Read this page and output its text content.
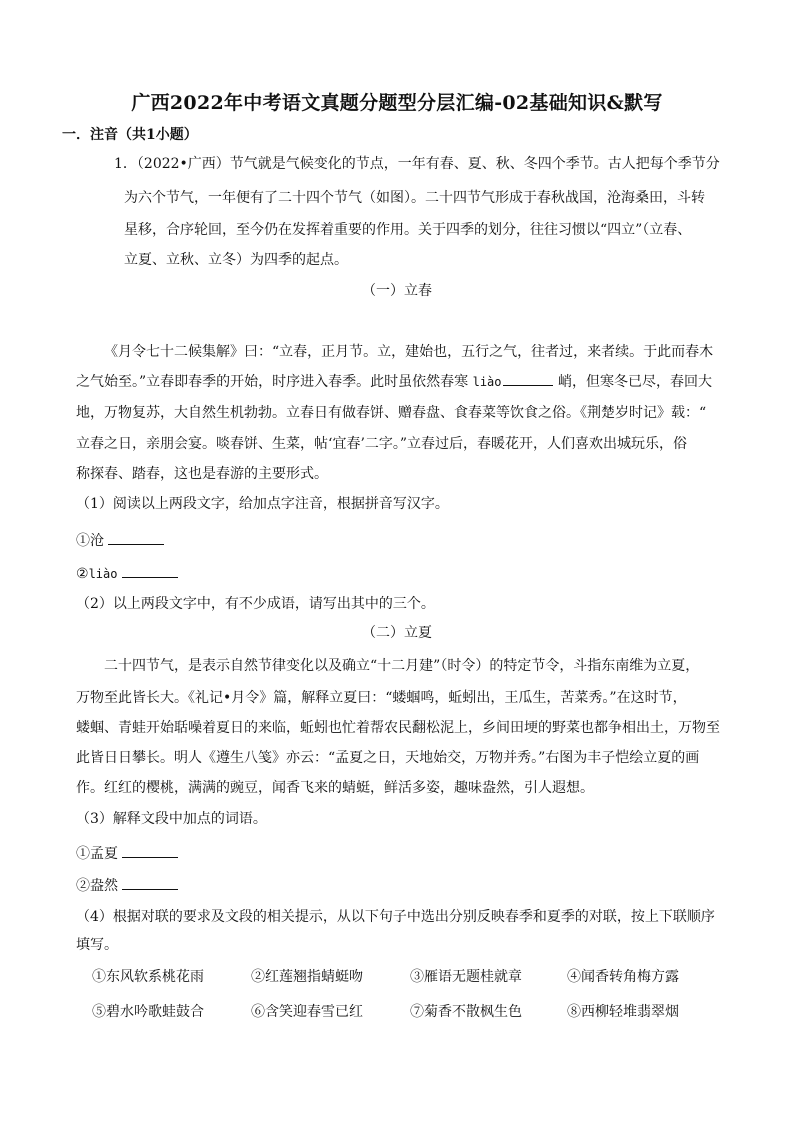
广西2022年中考语文真题分题型分层汇编-02基础知识&默写
一．注音（共1小题）
1．（2022•广西）节气就是气候变化的节点，一年有春、夏、秋、冬四个季节。古人把每个季节分
为六个节气，一年便有了二十四个节气（如图）。二十四节气形成于春秋战国，沧海桑田，斗转
星移，合序轮回，至今仍在发挥着重要的作用。关于四季的划分，往往习惯以“四立”（立春、
立夏、立秋、立冬）为四季的起点。
（一）立春
《月令七十二候集解》曰：“立春，正月节。立，建始也，五行之气，往者过，来者续。于此而春木
之气始至。”立春即春季的开始，时序进入春季。此时虽依然春寒 liào	峭，但寒冬已尽，春回大
地，万物复苏，大自然生机勃勃。立春日有做春饼、赠春盘、食春菜等饮食之俗。《荆楚岁时记》载：“
立春之日，亲朋会宴。啖春饼、生菜，帖‘宜春’二字。”立春过后，春暖花开，人们喜欢出城玩乐，俗
称探春、踏春，这也是春游的主要形式。
（1）阅读以上两段文字，给加点字注音，根据拼音写汉字。
①沧
②liào
（2）以上两段文字中，有不少成语，请写出其中的三个。
（二）立夏
二十四节气，是表示自然节律变化以及确立“十二月建”（时令）的特定节令，斗指东南维为立夏，
万物至此皆长大。《礼记•月令》篇，解释立夏曰：“蝼蝈鸣，蚯蚓出，王瓜生，苦菜秀。”在这时节，
蝼蝈、青蛙开始聒噪着夏日的来临，蚯蚓也忙着帮农民翻松泥上，乡间田埂的野菜也都争相出土，万物至
此皆日日攀长。明人《遵生八笺》亦云：“孟夏之日，天地始交，万物并秀。”右图为丰子恺绘立夏的画
作。红红的樱桃，满满的豌豆，闻香飞来的蜻蜓，鲜活多姿，趣味盎然，引人遐想。
（3）解释文段中加点的词语。
①孟夏
②盎然
（4）根据对联的要求及文段的相关提示，从以下句子中选出分别反映春季和夏季的对联，按上下联顺序
填写。
①东风软系桃花雨	②红莲翘指蜻蜓吻	③雁语无题桂就章	④闻香转角梅方露
⑤碧水吟歌蛙鼓合	⑥含笑迎春雪已红	⑦菊香不散枫生色	⑧西柳轻堆翡翠烟
